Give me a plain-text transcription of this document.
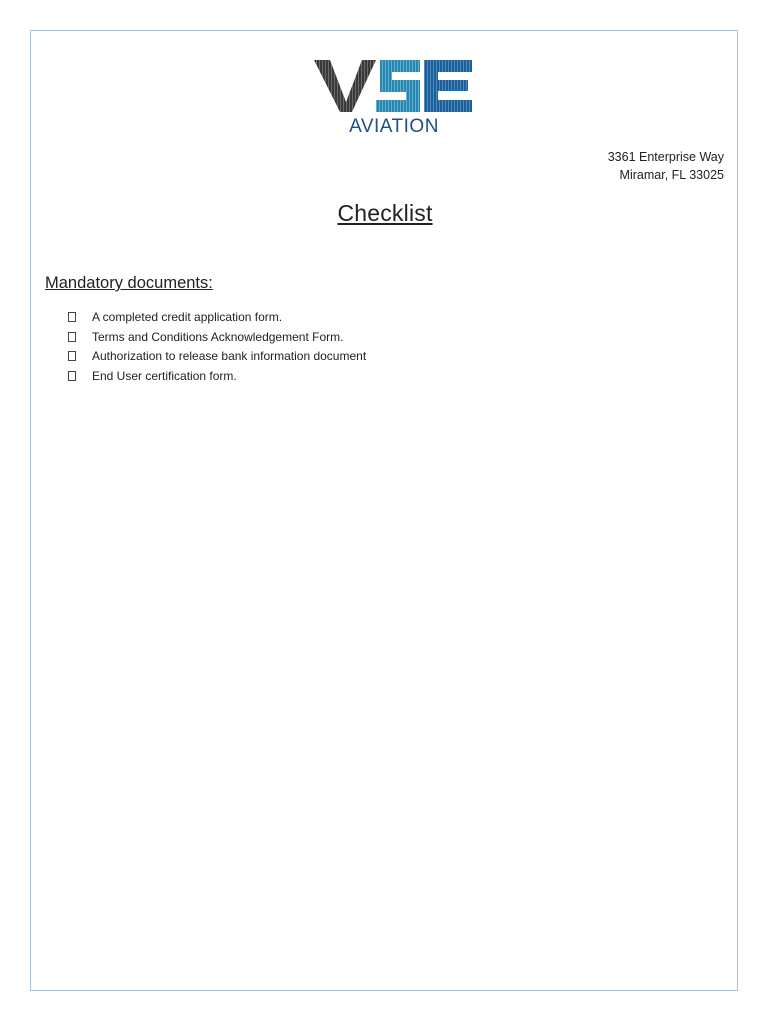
AVIATION
3361 Enterprise Way
Miramar, FL 33025
Checklist
Mandatory documents:
A completed credit application form.
Terms and Conditions Acknowledgement Form.
Authorization to release bank information document
End User certification form.
